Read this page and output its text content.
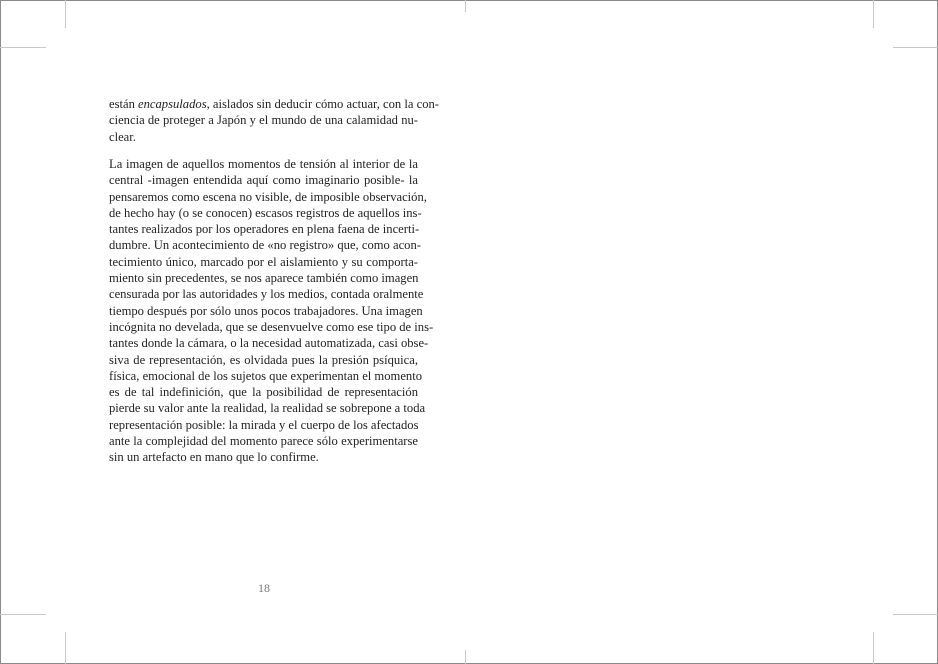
están encapsulados, aislados sin deducir cómo actuar, con la con-
ciencia de proteger a Japón y el mundo de una calamidad nu-
clear.
La imagen de aquellos momentos de tensión al interior de la
central -imagen entendida aquí como imaginario posible- la
pensaremos como escena no visible, de imposible observación,
de hecho hay (o se conocen) escasos registros de aquellos ins-
tantes realizados por los operadores en plena faena de incerti-
dumbre. Un acontecimiento de «no registro» que, como acon-
tecimiento único, marcado por el aislamiento y su comporta-
miento sin precedentes, se nos aparece también como imagen
censurada por las autoridades y los medios, contada oralmente
tiempo después por sólo unos pocos trabajadores. Una imagen
incógnita no develada, que se desenvuelve como ese tipo de ins-
tantes donde la cámara, o la necesidad automatizada, casi obse-
siva de representación, es olvidada pues la presión psíquica,
física, emocional de los sujetos que experimentan el momento
es de tal indefinición, que la posibilidad de representación
pierde su valor ante la realidad, la realidad se sobrepone a toda
representación posible: la mirada y el cuerpo de los afectados
ante la complejidad del momento parece sólo experimentarse
sin un artefacto en mano que lo confirme.
18
